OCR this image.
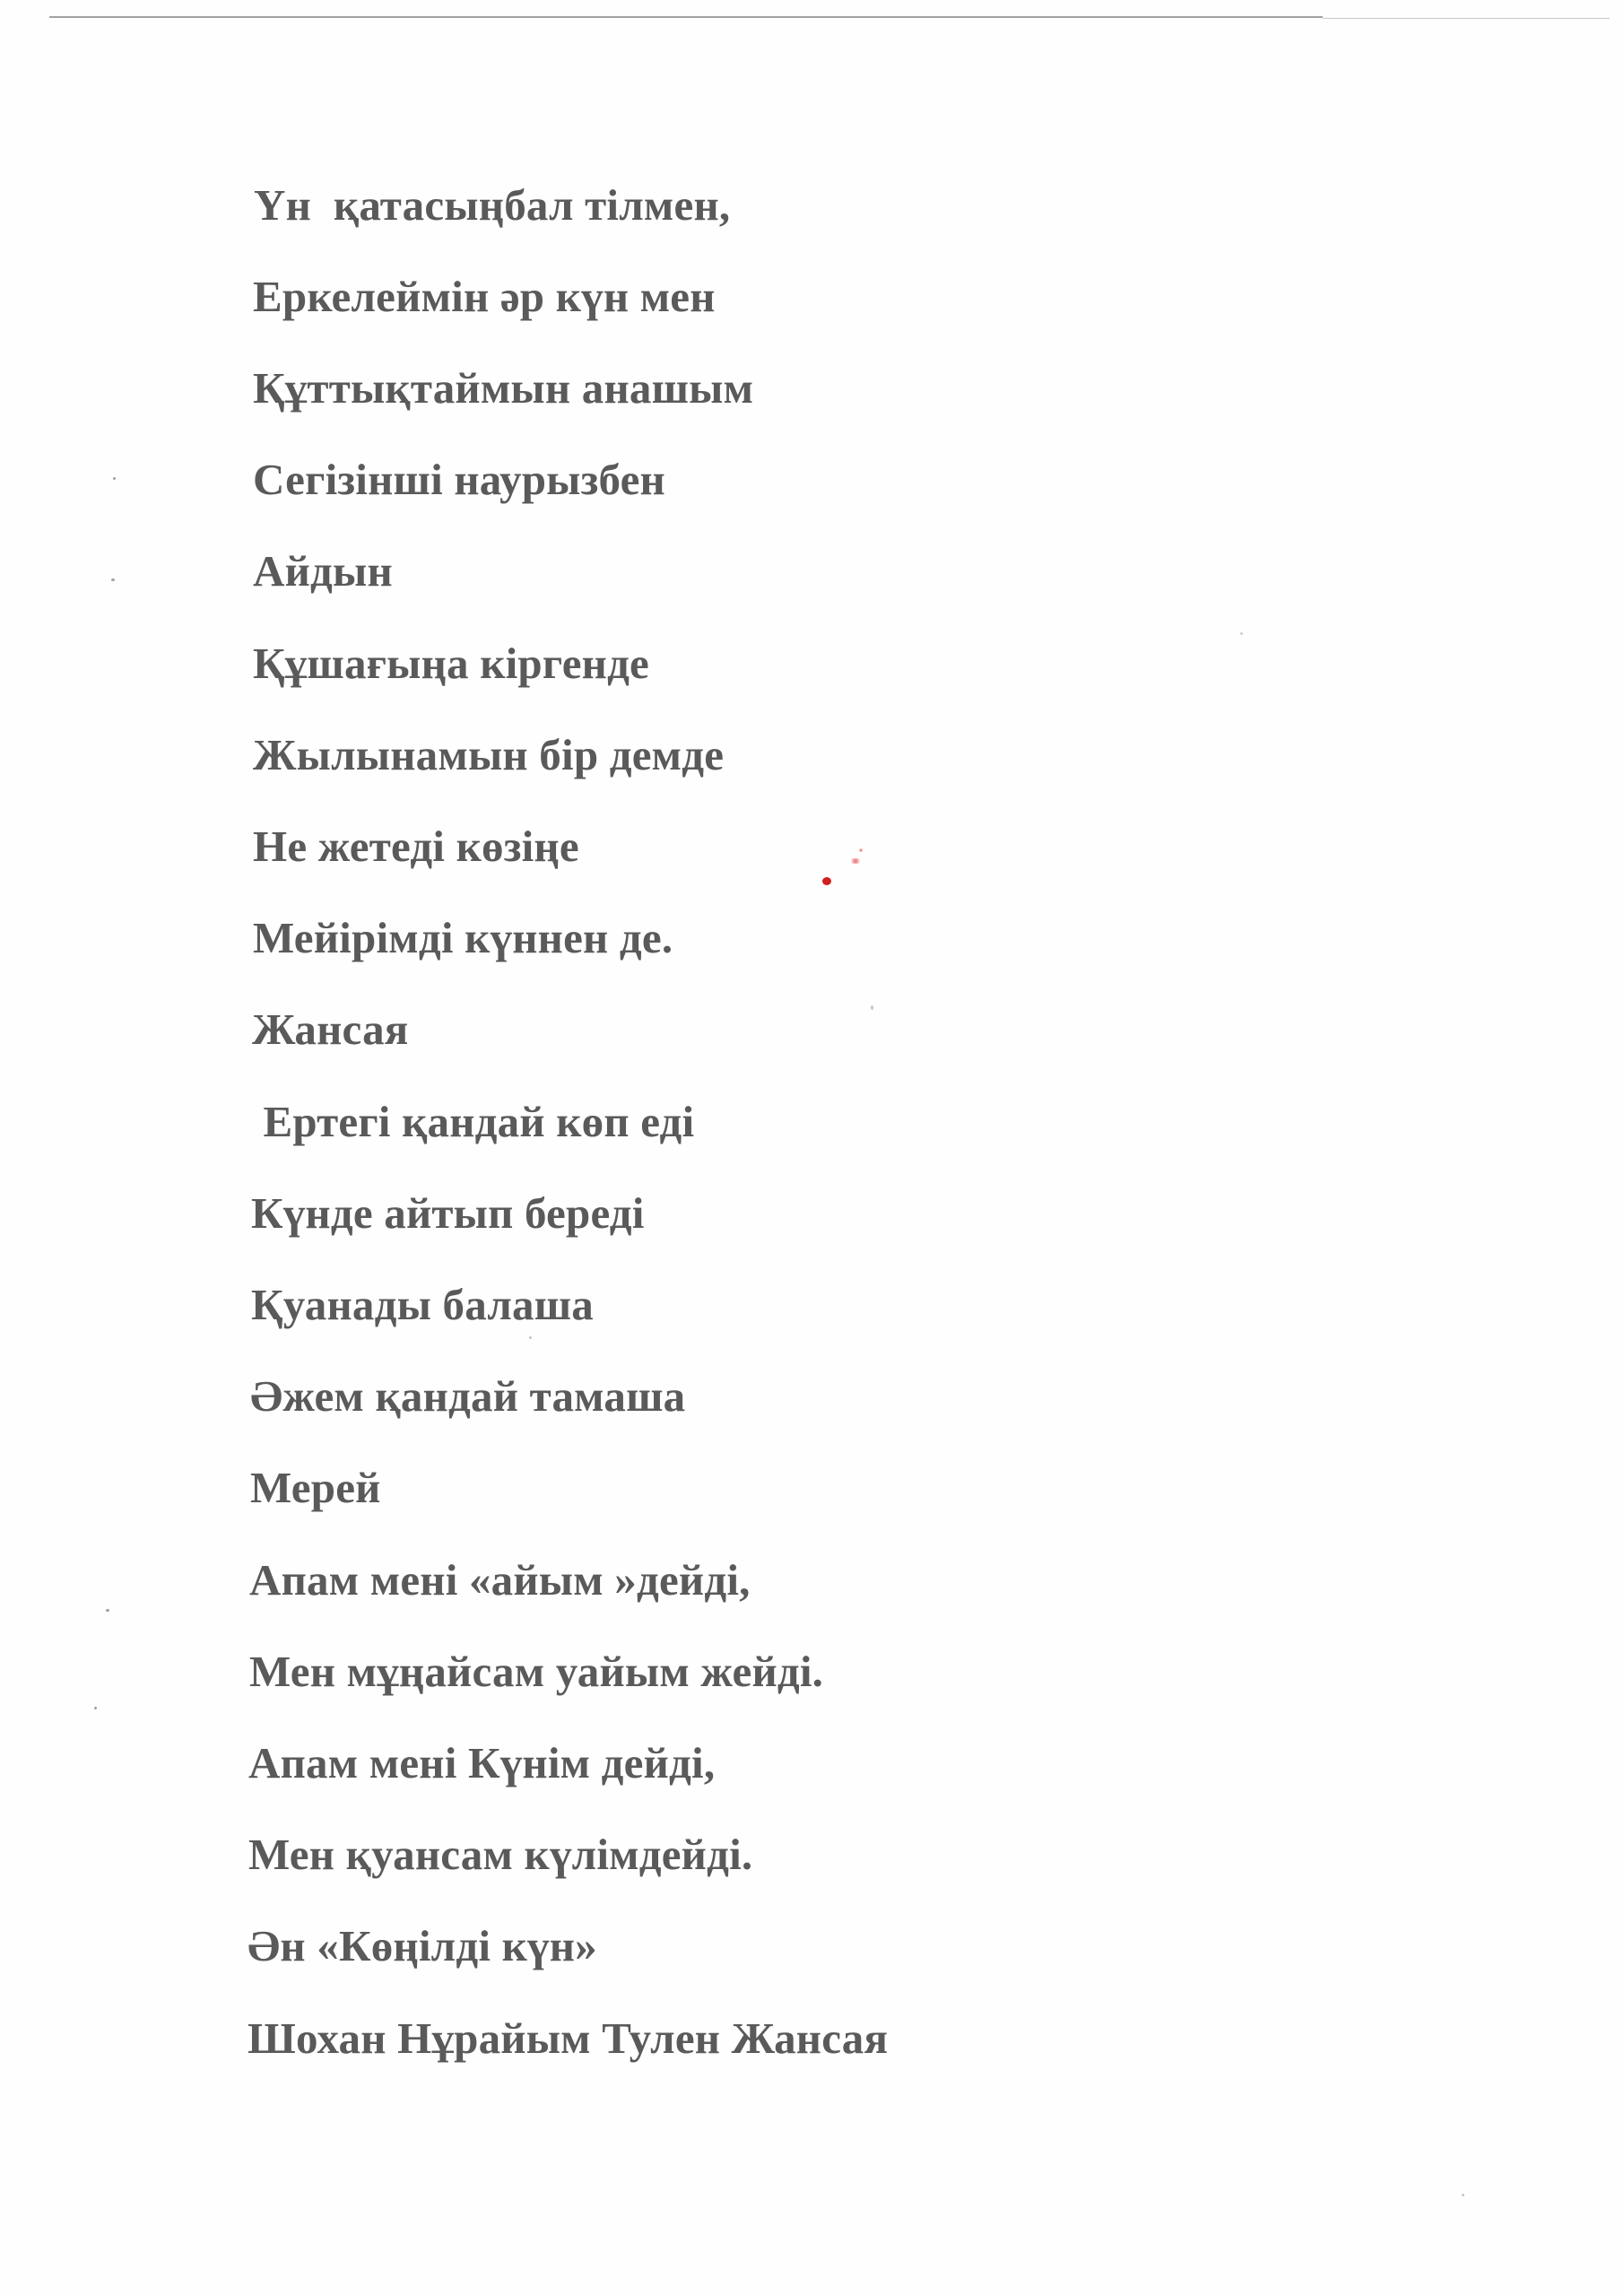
Үн  қатасыңбал тілмен,

Еркелеймін әр күн мен

Құттықтаймын анашым

Сегізінші наурызбен

Айдын

Құшағыңа кіргенде

Жылынамын бір демде

Не жетеді көзіңе

Мейірімді күннен де.

Жансая

Ертегі қандай көп еді

Күнде айтып береді

Қуанады балаша

Әжем қандай тамаша

Мерей

Апам мені «айым »дейді,

Мен мұңайсам уайым жейді.

Апам мені Күнім дейді,

Мен қуансам күлімдейді.

Ән «Көңілді күн»

Шохан Нұрайым Тулен Жансая
